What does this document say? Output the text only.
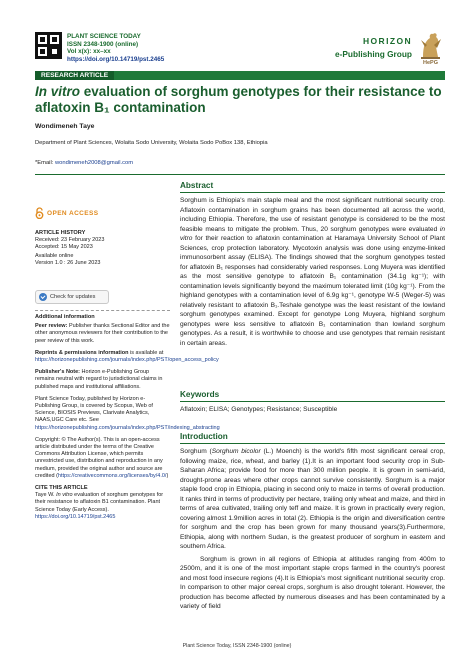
PLANT SCIENCE TODAY
ISSN 2348-1900 (online)
Vol x(x): xx–xx
https://doi.org/10.14719/pst.2465
HORIZON
e-Publishing Group
HePG
RESEARCH ARTICLE
In vitro evaluation of sorghum genotypes for their resistance to aflatoxin B₁ contamination
Wondimeneh Taye
Department of Plant Sciences, Wolaita Sodo University, Wolaita Sodo PoBox 138, Ethiopia
*Email: wondimeneh2008@gmail.com
OPEN ACCESS
ARTICLE HISTORY
Received: 23 February 2023
Accepted: 15 May 2023
Available online
Version 1.0 : 26 June 2023
Check for updates
Additional information
Peer review: Publisher thanks Sectional Editor and the other anonymous reviewers for their contribution to the peer review of this work.
Reprints & permissions information is available at https://horizonepublishing.com/journals/index.php/PST/open_access_policy
Publisher's Note: Horizon e-Publishing Group remains neutral with regard to jurisdictional claims in published maps and institutional affiliations.
Plant Science Today, published by Horizon e-Publishing Group, is covered by Scopus, Web of Science, BIOSIS Previews, Clarivate Analytics, NAAS,UGC Care etc. See https://horizonepublishing.com/journals/index.php/PST/indexing_abstracting
Copyright: © The Author(s). This is an open-access article distributed under the terms of the Creative Commons Attribution License, which permits unrestricted use, distribution and reproduction in any medium, provided the original author and source are credited (https://creativecommons.org/licenses/by/4.0/)
CITE THIS ARTICLE
Taye W. In vitro evaluation of sorghum genotypes for their resistance to aflatoxin B1 contamination. Plant Science Today (Early Access). https://doi.org/10.14719/pst.2465
Abstract
Sorghum is Ethiopia's main staple meal and the most significant nutritional security crop. Aflatoxin contamination in sorghum grains has been documented all across the world, including Ethiopia. Therefore, the use of resistant genotype is considered to be the most feasible means to mitigate the problem. Thus, 20 sorghum genotypes were evaluated in vitro for their reaction to aflatoxin contamination at Haramaya University School of Plant Sciences, crop protection laboratory. Mycotoxin analysis was done using enzyme-linked immunosorbent assay (ELISA). The findings showed that the sorghum genotypes tested for aflatoxin B₁ responses had considerably varied responses. Long Muyera was identified as the most sensitive genotype to aflatoxin B₁ contamination (34.1g kg⁻¹); with contamination levels significantly beyond the maximum tolerated limit (10g kg⁻¹). From the highland genotypes with a contamination level of 6.9g kg⁻¹, genotype W-5 (Weger-5) was relatively resistant to aflatoxin B₁.Teshale genotype was the least resistant of the lowland sorghum genotypes examined. Except for genotype Long Muyera, highland sorghum genotypes were less sensitive to aflatoxin B₁ contamination than lowland sorghum genotypes. As a result, it is worthwhile to choose and use genotypes that remain resistant in certain areas.
Keywords
Aflatoxin; ELISA; Genotypes; Resistance; Susceptible
Introduction

Sorghum (Sorghum bicolor (L.) Moench) is the world's fifth most significant cereal crop, following maize, rice, wheat, and barley (1).It is an important food security crop in Sub-Saharan Africa; provide food for more than 300 million people. It is grown in semi-arid, drought-prone areas where other crops cannot survive consistently. Sorghum is a major staple food crop in Ethiopia, placing in second only to maize in terms of overall production. It ranks third in terms of productivity per hectare, trailing only wheat and maize, and third in terms of area cultivated, trailing only teff and maize. It is grown in practically every region, covering almost 1.9million acres in total (2). Ethiopia is the origin and diversification centre for sorghum and the crop has been grown for many thousand years(3).Furthermore, Ethiopia, along with northern Sudan, is the greatest producer of sorghum in eastern and southern Africa.

Sorghum is grown in all regions of Ethiopia at altitudes ranging from 400m to 2500m, and it is one of the most important staple crops farmed in the country's poorest and most food insecure regions (4).It is Ethiopia's most significant nutritional security crop. In comparison to other major cereal crops, sorghum is also drought tolerant. However, the production has become affected by numerous diseases and has been contaminated by a variety of field

Plant Science Today, ISSN 2348-1900 (online)
